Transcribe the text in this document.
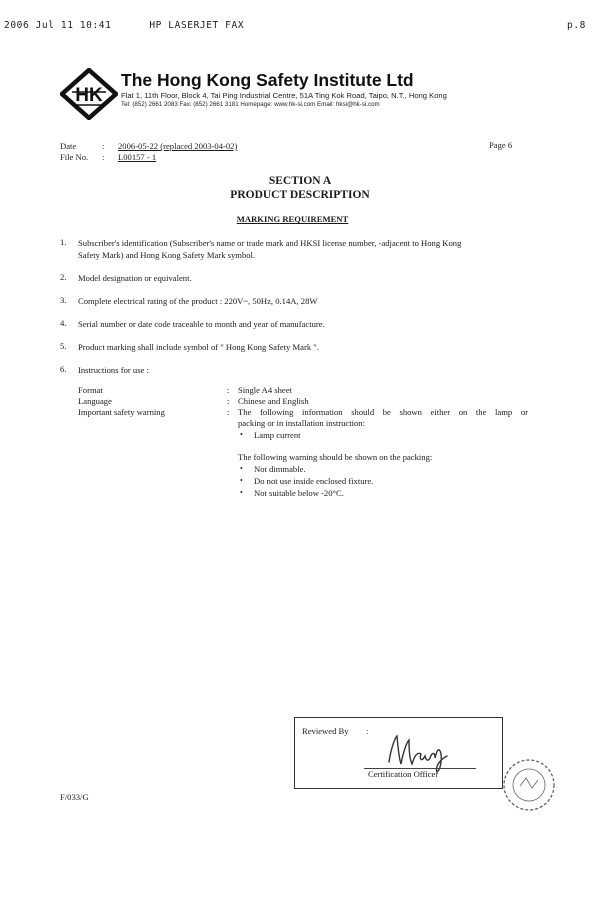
2006 Jul 11 10:41      HP LASERJET FAX	p.8
HK
The Hong Kong Safety Institute Ltd
Flat 1, 11th Floor, Block 4, Tai Ping Industrial Centre, 51A Ting Kok Road, Taipo, N.T., Hong Kong
Tel: (852) 2661 2083 Fax: (852) 2661 3181 Homepage: www.hk-si.com Email: hksi@hk-si.com
Date	: 2006-05-22 (replaced 2003-04-02)
File No. : L00157 - 1
Page 6
SECTION A
PRODUCT DESCRIPTION
MARKING REQUIREMENT
1. Subscriber's identification (Subscriber's name or trade mark and HKSI license number, -adjacent to Hong Kong
Safety Mark) and Hong Kong Safety Mark symbol.
2. Model designation or equivalent.
3. Complete electrical rating of the product : 220V~, 50Hz, 0.14A, 28W
4. Serial number or date code traceable to month and year of manufacture.
5. Product marking shall include symbol of " Hong Kong Safety Mark ".
6. Instructions for use :
Format	: Single A4 sheet
Language	: Chinese and English
Important safety warning	: The following information should be shown either on the lamp or
packing or in installation instruction:
• Lamp current
The following warning should be shown on the packing:
• Not dimmable.
• Do not use inside enclosed fixture.
• Not suitable below -20°C.
F/033/G
Reviewed By :
Certification Officer
